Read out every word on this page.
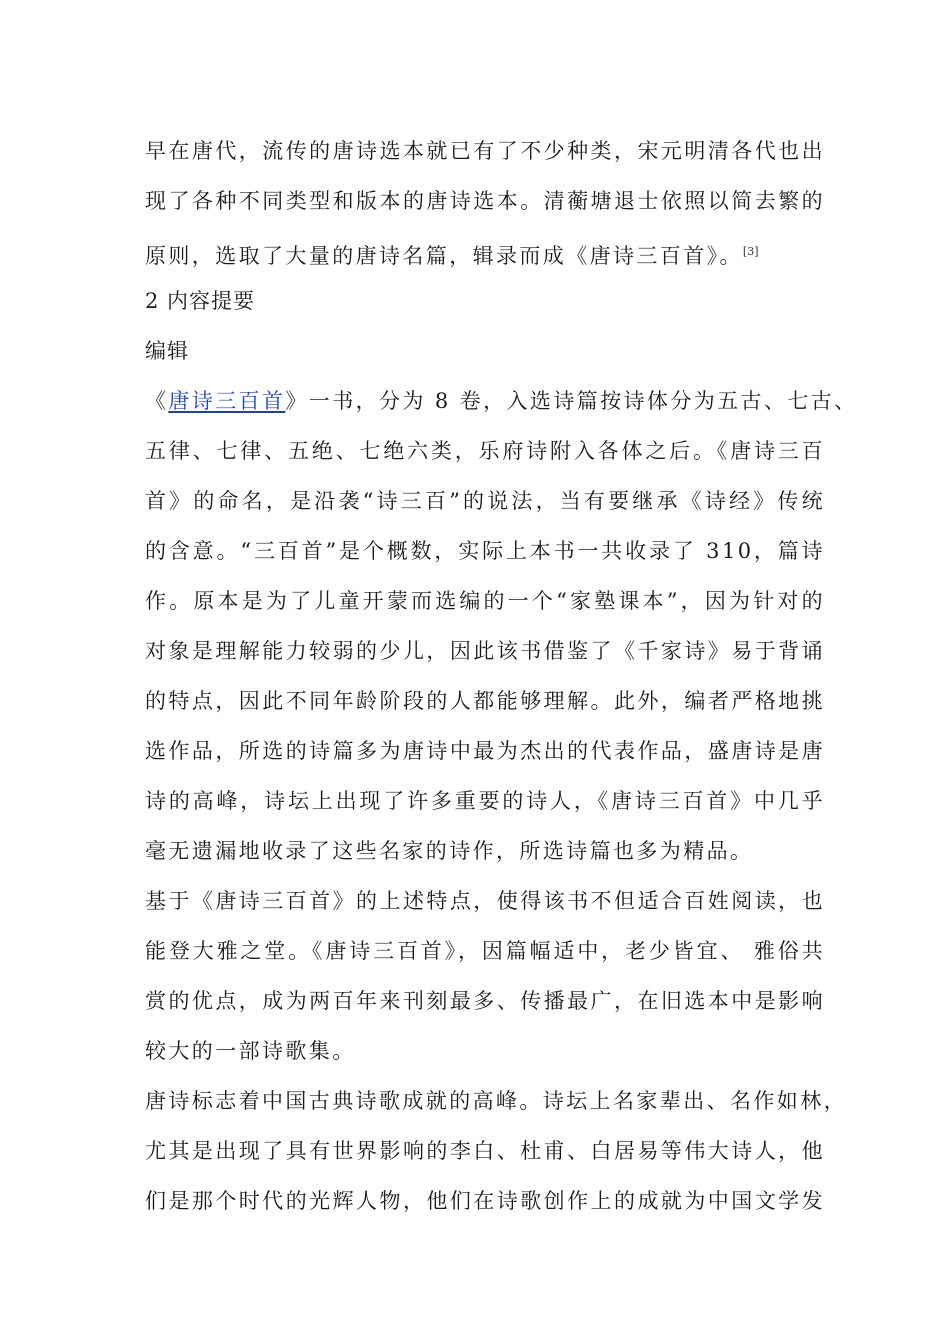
早在唐代，流传的唐诗选本就已有了不少种类，宋元明清各代也出
现了各种不同类型和版本的唐诗选本。清蘅塘退士依照以简去繁的
原则，选取了大量的唐诗名篇，辑录而成《唐诗三百首》。[3]
2 内容提要
编辑
《唐诗三百首》一书，分为 8 卷，入选诗篇按诗体分为五古、七古、
五律、七律、五绝、七绝六类，乐府诗附入各体之后。《唐诗三百
首》的命名，是沿袭“诗三百”的说法，当有要继承《诗经》传统
的含意。“三百首”是个概数，实际上本书一共收录了 310，篇诗
作。原本是为了儿童开蒙而选编的一个“家塾课本”，因为针对的
对象是理解能力较弱的少儿，因此该书借鉴了《千家诗》易于背诵
的特点，因此不同年龄阶段的人都能够理解。此外，编者严格地挑
选作品，所选的诗篇多为唐诗中最为杰出的代表作品，盛唐诗是唐
诗的高峰，诗坛上出现了许多重要的诗人，《唐诗三百首》中几乎
毫无遗漏地收录了这些名家的诗作，所选诗篇也多为精品。
基于《唐诗三百首》的上述特点，使得该书不但适合百姓阅读，也
能登大雅之堂。《唐诗三百首》，因篇幅适中，老少皆宜、 雅俗共
赏的优点，成为两百年来刊刻最多、传播最广，在旧选本中是影响
较大的一部诗歌集。
唐诗标志着中国古典诗歌成就的高峰。诗坛上名家辈出、名作如林，
尤其是出现了具有世界影响的李白、杜甫、白居易等伟大诗人，他
们是那个时代的光辉人物，他们在诗歌创作上的成就为中国文学发
